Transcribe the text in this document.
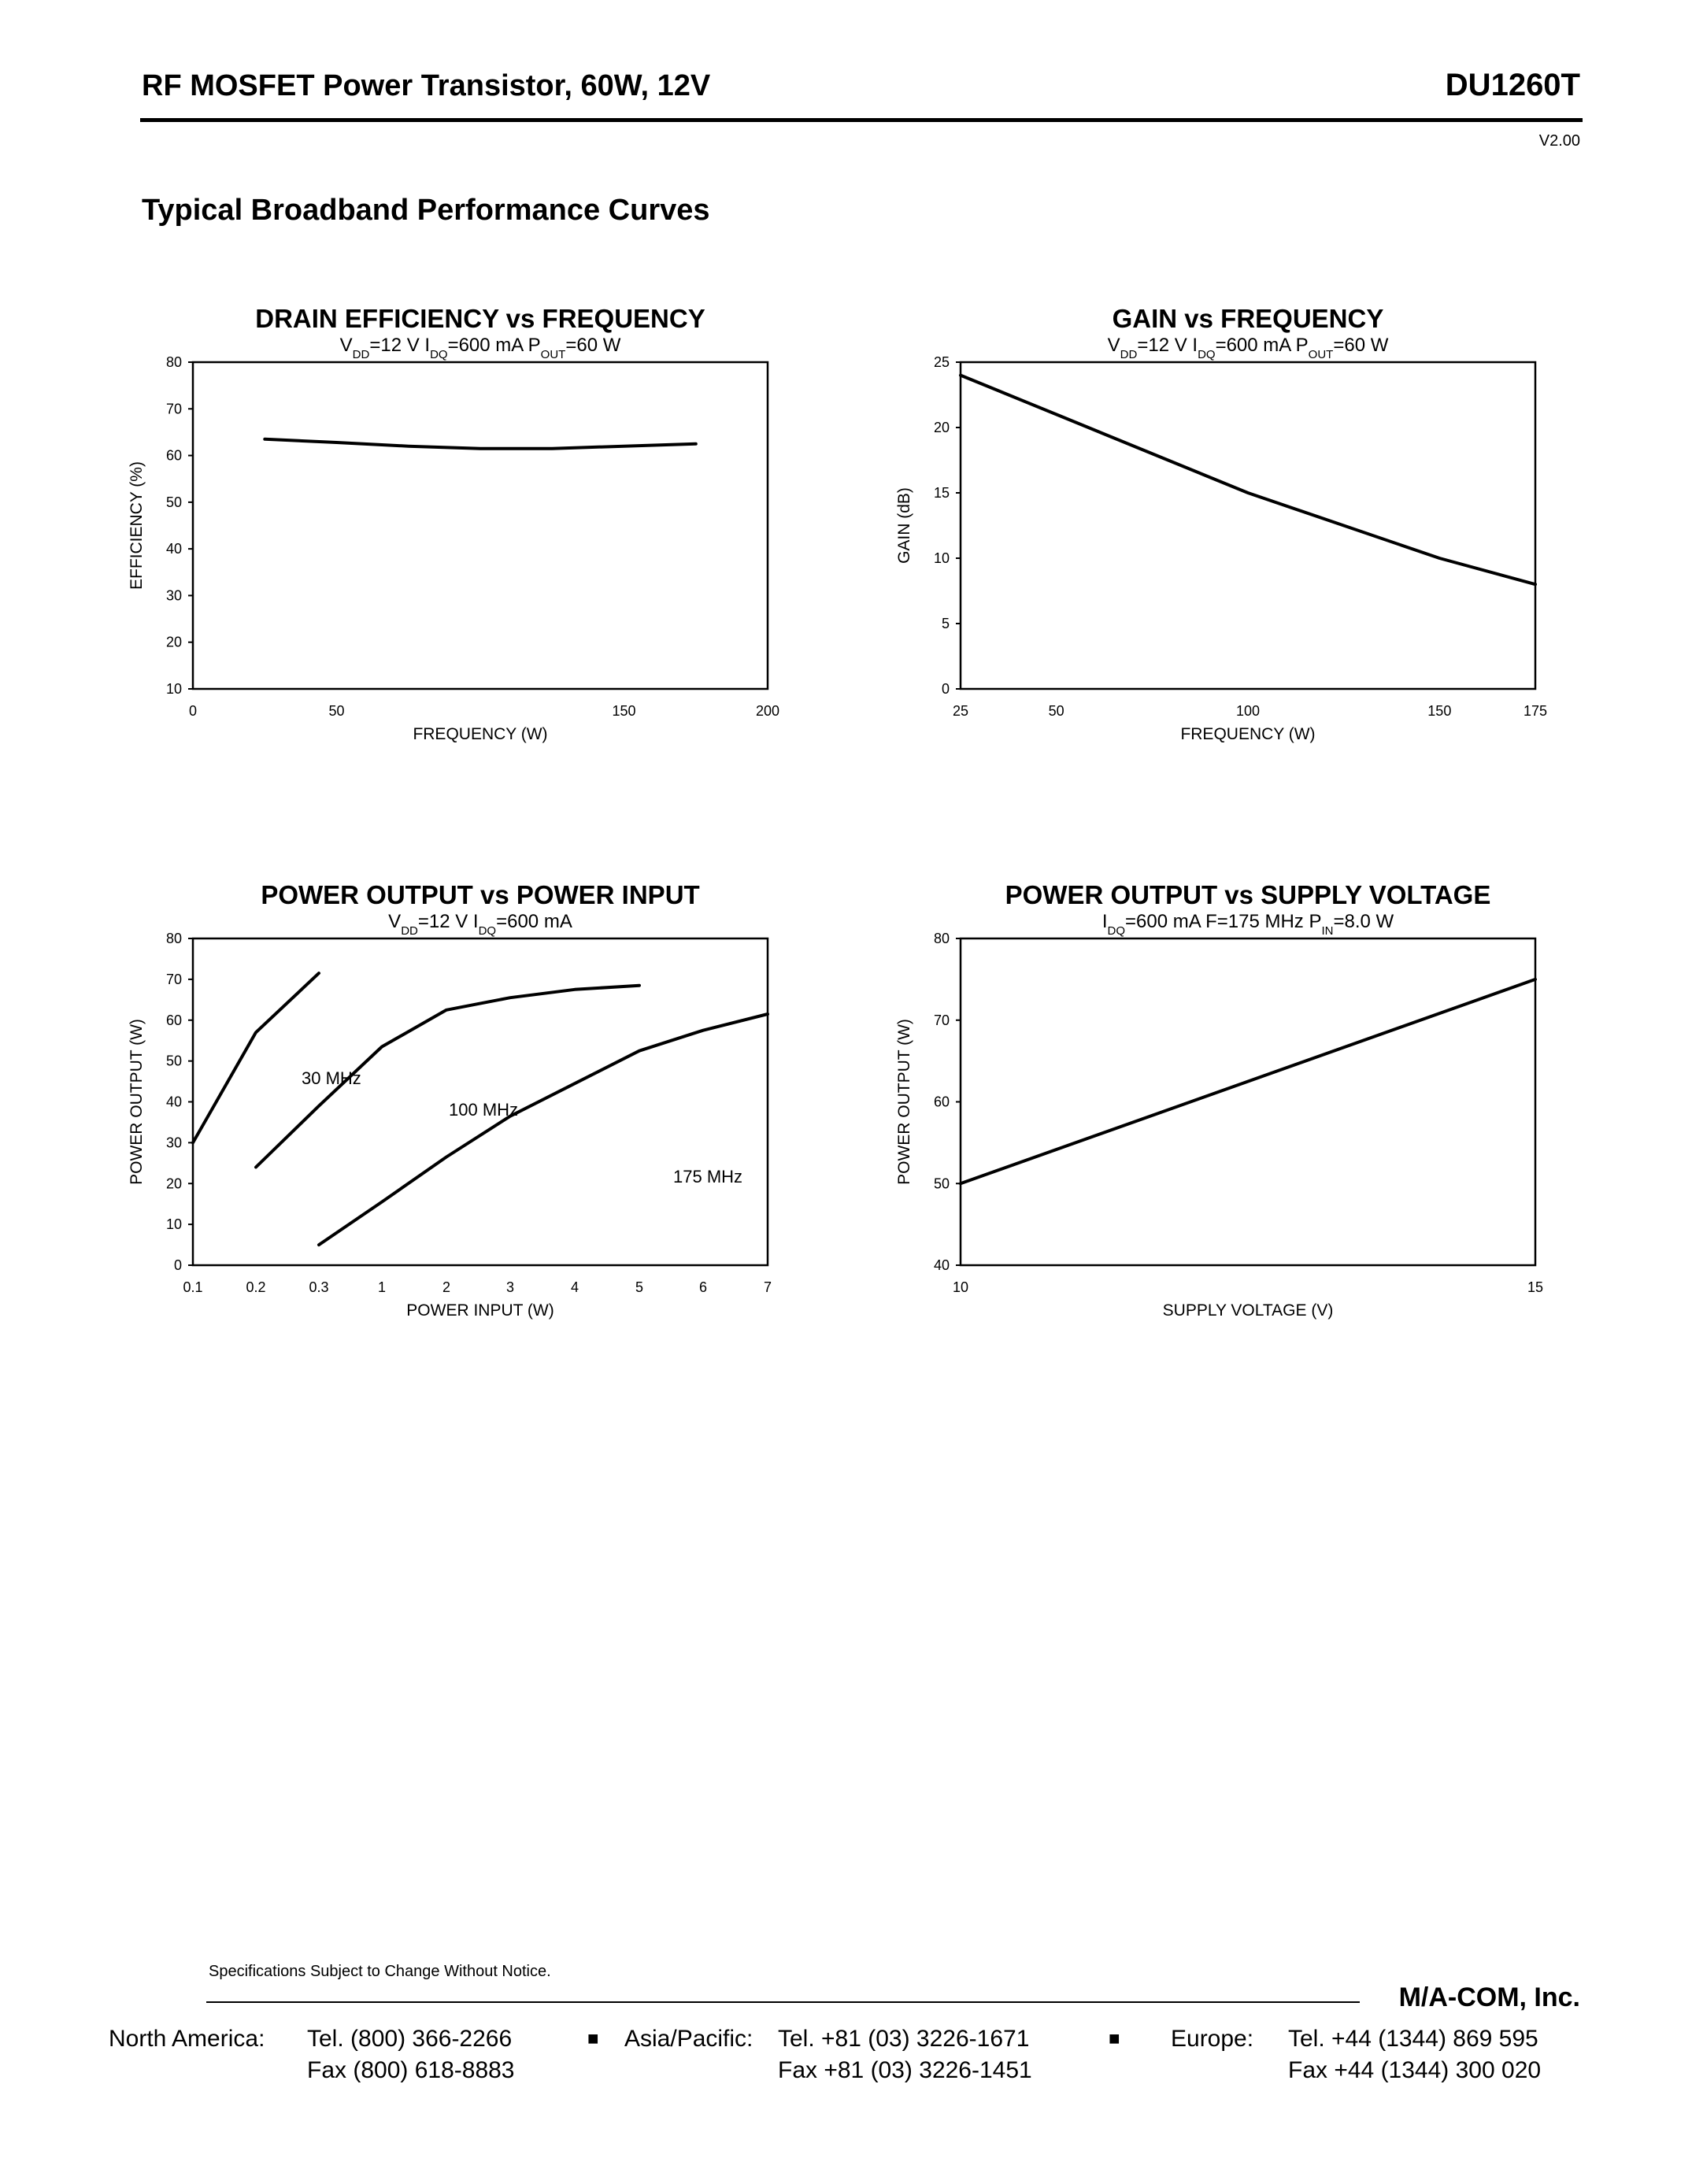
RF MOSFET Power Transistor, 60W, 12V	DU1260T
V2.00
Typical Broadband Performance Curves
DRAIN EFFICIENCY vs FREQUENCY
$V_{DD}=12$ V $I_{DQ}=600$ mA $P_{OUT}=60$ W
10
20
30
40
50
60
70
80
0	50	150	200
FREQUENCY (W)
EFFICIENCY (%)
GAIN vs FREQUENCY
$V_{DD}=12$ V $I_{DQ}=600$ mA $P_{OUT}=60$ W
0
5
10
15
20
25
25	50	100	150	175
FREQUENCY (W)
GAIN (dB)
POWER OUTPUT vs POWER INPUT
$V_{DD}=12$ V $I_{DQ}=600$ mA
0
10
20
30
40
50
60
70
80
0.1	0.2	0.3	1	2	3	4	5	6	7
POWER INPUT (W)
POWER OUTPUT (W)	30 MHz
100 MHz
175 MHz
POWER OUTPUT vs SUPPLY VOLTAGE
$I_{DQ}=600$ mA F=175 MHz $P_{IN}=8.0$ W
40
50
60
70
80
10	15
SUPPLY VOLTAGE (V)
POWER OUTPUT (W)
Specifications Subject to Change Without Notice.
M/A-COM, Inc.
North America: Tel. (800) 366-2266
Fax (800) 618-8883
■ Asia/Pacific: Tel. +81 (03) 3226-1671
Fax +81 (03) 3226-1451
■ Europe: Tel. +44 (1344) 869 595
Fax +44 (1344) 300 020
